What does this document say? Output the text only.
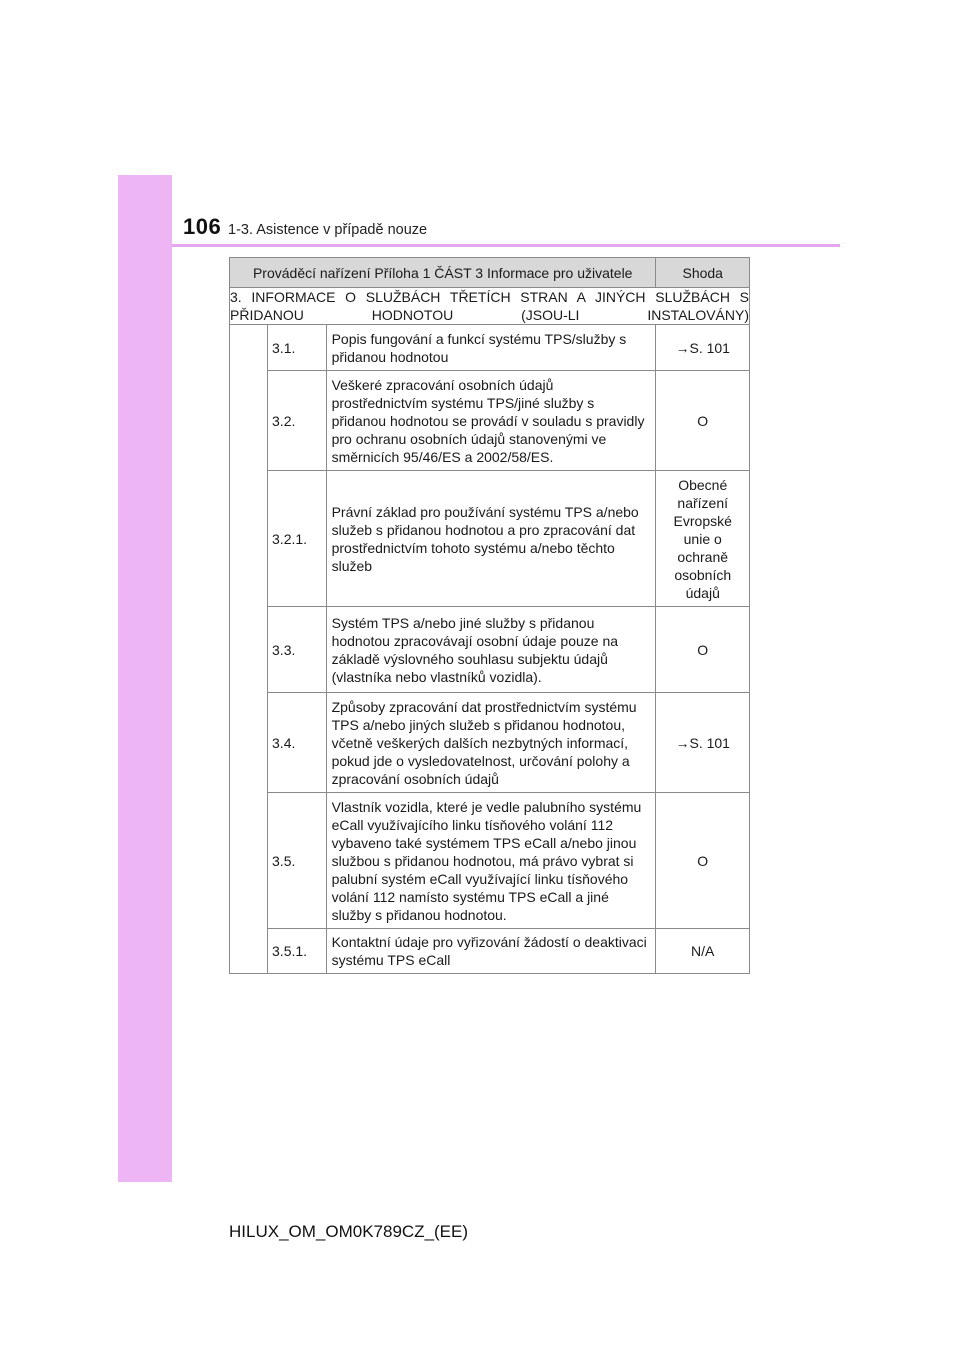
106 1-3. Asistence v případě nouze
Prováděcí nařízení Příloha 1 ČÁST 3 Informace pro uživatele			Shoda
3. INFORMACE O SLUŽBÁCH TŘETÍCH STRAN A JINÝCH SLUŽBÁCH S PŘIDANOU HODNOTOU (JSOU-LI INSTALOVÁNY)			
	3.1.	Popis fungování a funkcí systému TPS/služby s přidanou hodnotou	→S. 101
	3.2.	Veškeré zpracování osobních údajů prostřednictvím systému TPS/jiné služby s přidanou hodnotou se provádí v souladu s pravidly pro ochranu osobních údajů stanovenými ve směrnicích 95/46/ES a 2002/58/ES.	O
	3.2.1.	Právní základ pro používání systému TPS a/nebo služeb s přidanou hodnotou a pro zpracování dat prostřednictvím tohoto systému a/nebo těchto služeb	Obecné nařízení Evropské unie o ochraně osobních údajů
	3.3.	Systém TPS a/nebo jiné služby s přidanou hodnotou zpracovávají osobní údaje pouze na základě výslovného souhlasu subjektu údajů (vlastníka nebo vlastníků vozidla).	O
	3.4.	Způsoby zpracování dat prostřednictvím systému TPS a/nebo jiných služeb s přidanou hodnotou, včetně veškerých dalších nezbytných informací, pokud jde o vysledovatelnost, určování polohy a zpracování osobních údajů	→S. 101
	3.5.	Vlastník vozidla, které je vedle palubního systému eCall využívajícího linku tísňového volání 112 vybaveno také systémem TPS eCall a/nebo jinou službou s přidanou hodnotou, má právo vybrat si palubní systém eCall využívající linku tísňového volání 112 namísto systému TPS eCall a jiné služby s přidanou hodnotou.	O
	3.5.1.	Kontaktní údaje pro vyřizování žádostí o deaktivaci systému TPS eCall	N/A
HILUX_OM_OM0K789CZ_(EE)
